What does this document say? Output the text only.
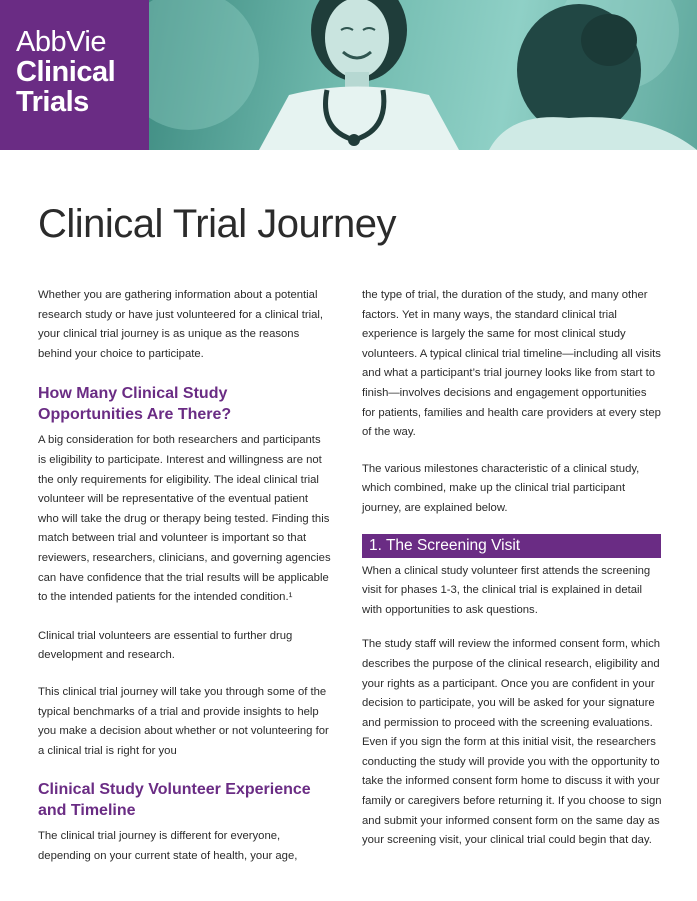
AbbVie
Clinical
Trials
Clinical Trial Journey

Whether you are gathering information about a potential research study or have just volunteered for a clinical trial, your clinical trial journey is as unique as the reasons behind your choice to participate.

How Many Clinical Study Opportunities Are There?

A big consideration for both researchers and participants is eligibility to participate. Interest and willingness are not the only requirements for eligibility. The ideal clinical trial volunteer will be representative of the eventual patient who will take the drug or therapy being tested. Finding this match between trial and volunteer is important so that reviewers, researchers, clinicians, and governing agencies can have confidence that the trial results will be applicable to the intended patients for the intended condition.¹

Clinical trial volunteers are essential to further drug development and research.

This clinical trial journey will take you through some of the typical benchmarks of a trial and provide insights to help you make a decision about whether or not volunteering for a clinical trial is right for you

Clinical Study Volunteer Experience and Timeline

The clinical trial journey is different for everyone, depending on your current state of health, your age,

the type of trial, the duration of the study, and many other factors. Yet in many ways, the standard clinical trial experience is largely the same for most clinical study volunteers. A typical clinical trial timeline—including all visits and what a participant’s trial journey looks like from start to finish—involves decisions and engagement opportunities for patients, families and health care providers at every step of the way.

The various milestones characteristic of a clinical study, which combined, make up the clinical trial participant journey, are explained below.

1. The Screening Visit

When a clinical study volunteer first attends the screening visit for phases 1-3, the clinical trial is explained in detail with opportunities to ask questions.

The study staff will review the informed consent form, which describes the purpose of the clinical research, eligibility and your rights as a participant. Once you are confident in your decision to participate, you will be asked for your signature and permission to proceed with the screening evaluations. Even if you sign the form at this initial visit, the researchers conducting the study will provide you with the opportunity to take the informed consent form home to discuss it with your family or caregivers before returning it. If you choose to sign and submit your informed consent form on the same day as your screening visit, your clinical trial could begin that day.
